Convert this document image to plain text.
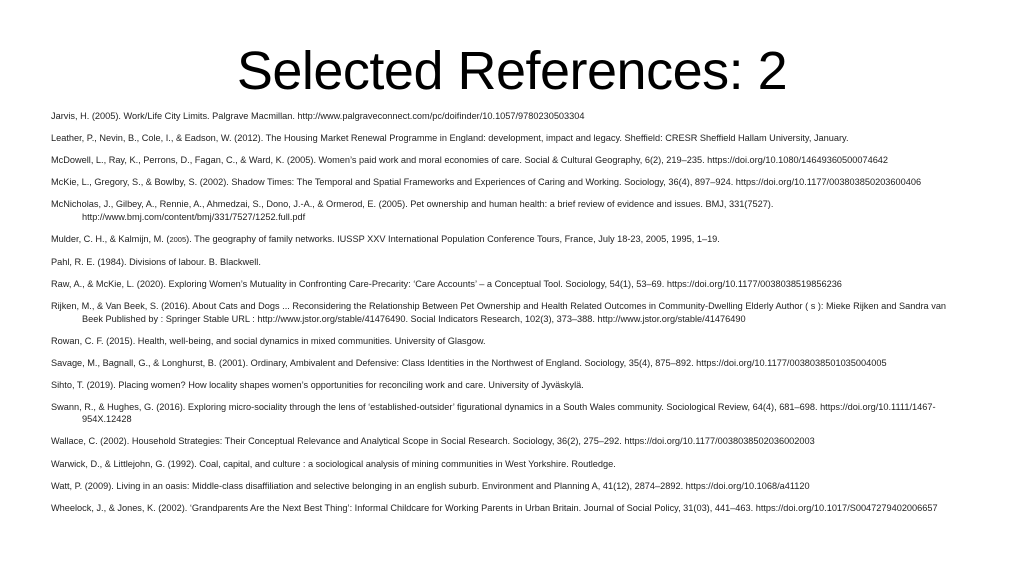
Selected References: 2
Jarvis, H. (2005). Work/Life City Limits. Palgrave Macmillan. http://www.palgraveconnect.com/pc/doifinder/10.1057/9780230503304
Leather, P., Nevin, B., Cole, I., & Eadson, W. (2012). The Housing Market Renewal Programme in England: development, impact and legacy. Sheffield: CRESR Sheffield Hallam University, January.
McDowell, L., Ray, K., Perrons, D., Fagan, C., & Ward, K. (2005). Women’s paid work and moral economies of care. Social & Cultural Geography, 6(2), 219–235. https://doi.org/10.1080/14649360500074642
McKie, L., Gregory, S., & Bowlby, S. (2002). Shadow Times: The Temporal and Spatial Frameworks and Experiences of Caring and Working. Sociology, 36(4), 897–924. https://doi.org/10.1177/003803850203600406
McNicholas, J., Gilbey, A., Rennie, A., Ahmedzai, S., Dono, J.-A., & Ormerod, E. (2005). Pet ownership and human health: a brief review of evidence and issues. BMJ, 331(7527). http://www.bmj.com/content/bmj/331/7527/1252.full.pdf
Mulder, C. H., & Kalmijn, M. (2005). The geography of family networks. IUSSP XXV International Population Conference Tours, France, July 18-23, 2005, 1995, 1–19.
Pahl, R. E. (1984). Divisions of labour. B. Blackwell.
Raw, A., & McKie, L. (2020). Exploring Women’s Mutuality in Confronting Care-Precarity: ‘Care Accounts’ – a Conceptual Tool. Sociology, 54(1), 53–69. https://doi.org/10.1177/0038038519856236
Rijken, M., & Van Beek, S. (2016). About Cats and Dogs ... Reconsidering the Relationship Between Pet Ownership and Health Related Outcomes in Community-Dwelling Elderly Author ( s ): Mieke Rijken and Sandra van Beek Published by : Springer Stable URL : http://www.jstor.org/stable/41476490. Social Indicators Research, 102(3), 373–388. http://www.jstor.org/stable/41476490
Rowan, C. F. (2015). Health, well-being, and social dynamics in mixed communities. University of Glasgow.
Savage, M., Bagnall, G., & Longhurst, B. (2001). Ordinary, Ambivalent and Defensive: Class Identities in the Northwest of England. Sociology, 35(4), 875–892. https://doi.org/10.1177/0038038501035004005
Sihto, T. (2019). Placing women? How locality shapes women’s opportunities for reconciling work and care. University of Jyväskylä.
Swann, R., & Hughes, G. (2016). Exploring micro-sociality through the lens of ‘established-outsider’ figurational dynamics in a South Wales community. Sociological Review, 64(4), 681–698. https://doi.org/10.1111/1467-954X.12428
Wallace, C. (2002). Household Strategies: Their Conceptual Relevance and Analytical Scope in Social Research. Sociology, 36(2), 275–292. https://doi.org/10.1177/0038038502036002003
Warwick, D., & Littlejohn, G. (1992). Coal, capital, and culture : a sociological analysis of mining communities in West Yorkshire. Routledge.
Watt, P. (2009). Living in an oasis: Middle-class disaffiliation and selective belonging in an english suburb. Environment and Planning A, 41(12), 2874–2892. https://doi.org/10.1068/a41120
Wheelock, J., & Jones, K. (2002). ‘Grandparents Are the Next Best Thing’: Informal Childcare for Working Parents in Urban Britain. Journal of Social Policy, 31(03), 441–463. https://doi.org/10.1017/S0047279402006657
